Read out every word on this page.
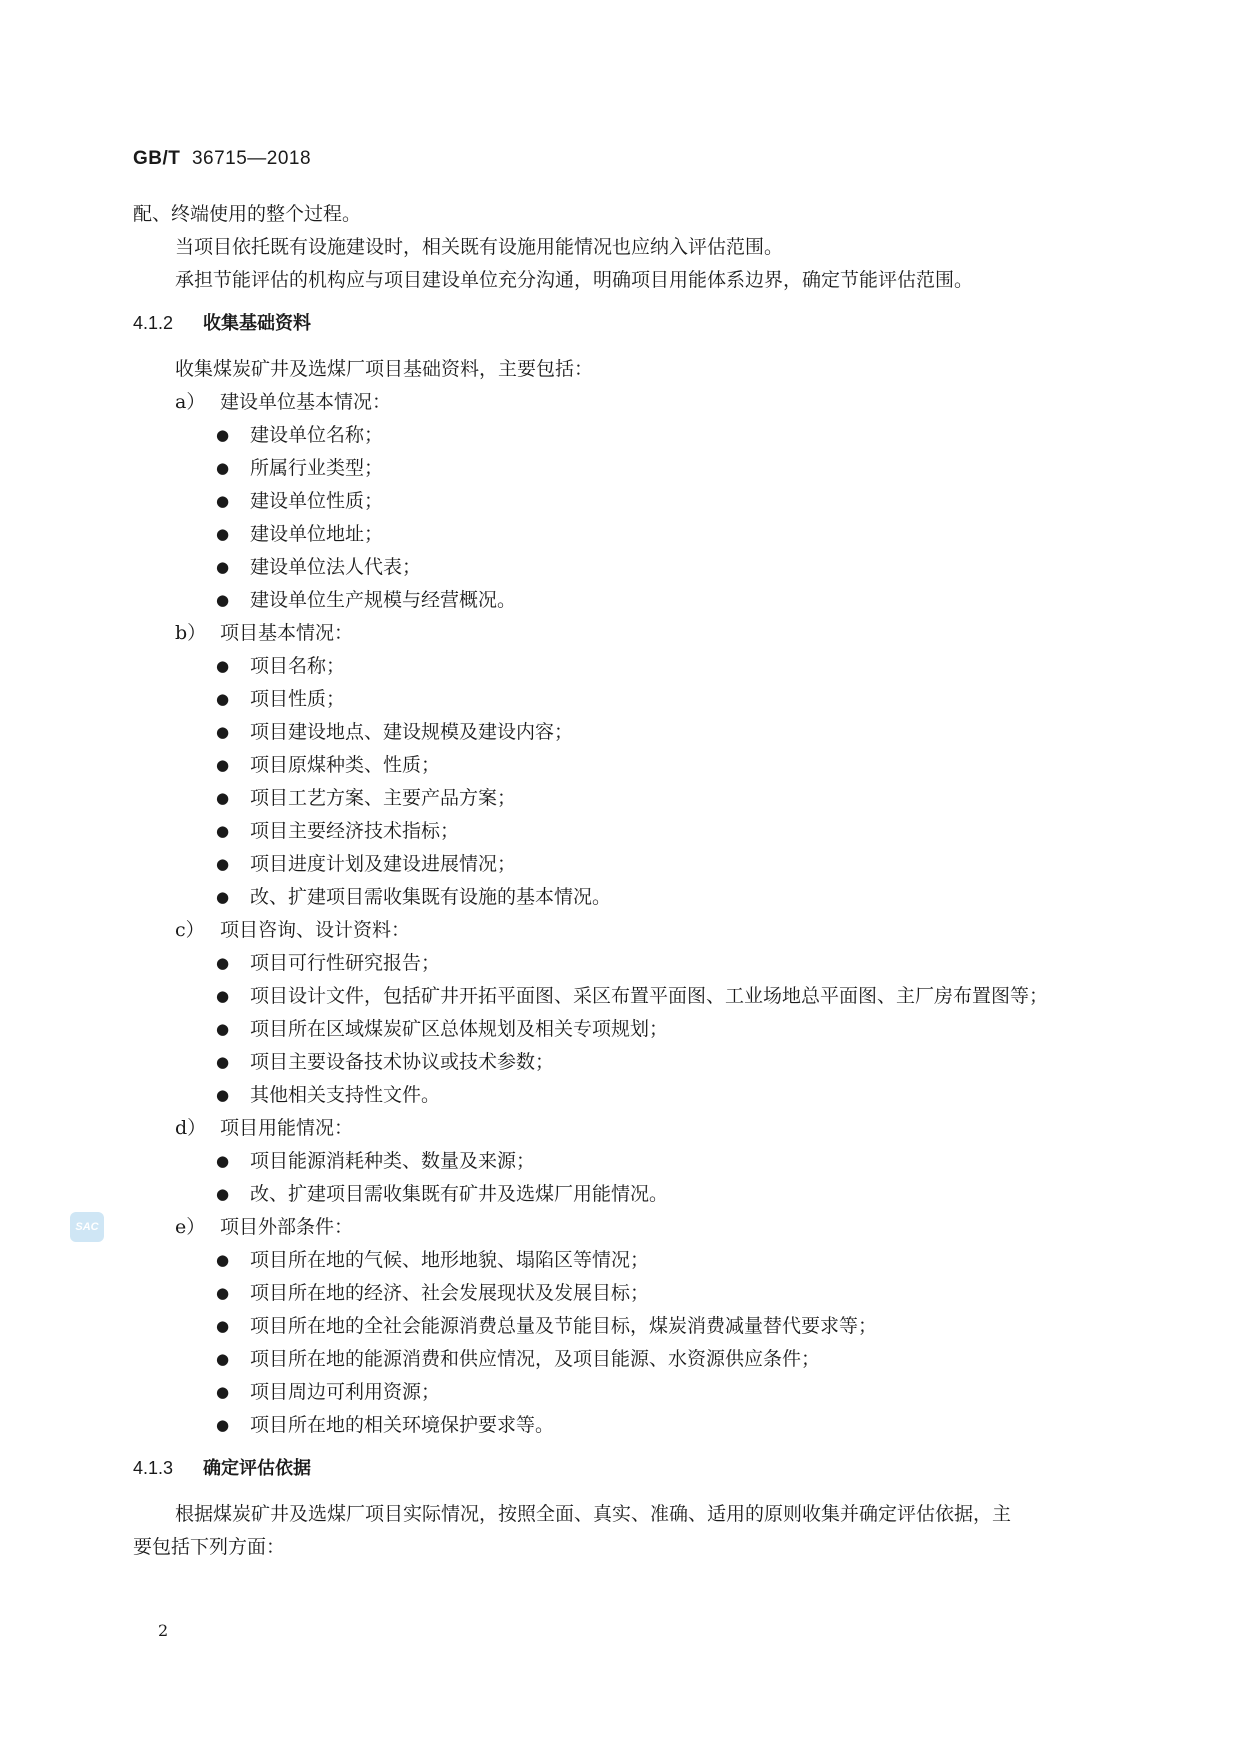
GB/T 36715—2018
配、终端使用的整个过程。
当项目依托既有设施建设时，相关既有设施用能情况也应纳入评估范围。
承担节能评估的机构应与项目建设单位充分沟通，明确项目用能体系边界，确定节能评估范围。
4.1.2 收集基础资料
收集煤炭矿井及选煤厂项目基础资料，主要包括：
a） 建设单位基本情况：
●	建设单位名称；
●	所属行业类型；
●	建设单位性质；
●	建设单位地址；
●	建设单位法人代表；
●	建设单位生产规模与经营概况。
b） 项目基本情况：
●	项目名称；
●	项目性质；
●	项目建设地点、建设规模及建设内容；
●	项目原煤种类、性质；
●	项目工艺方案、主要产品方案；
●	项目主要经济技术指标；
●	项目进度计划及建设进展情况；
●	改、扩建项目需收集既有设施的基本情况。
c） 项目咨询、设计资料：
●	项目可行性研究报告；
●	项目设计文件，包括矿井开拓平面图、采区布置平面图、工业场地总平面图、主厂房布置图等；
●	项目所在区域煤炭矿区总体规划及相关专项规划；
●	项目主要设备技术协议或技术参数；
●	其他相关支持性文件。
d） 项目用能情况：
●	项目能源消耗种类、数量及来源；
●	改、扩建项目需收集既有矿井及选煤厂用能情况。
e） 项目外部条件：
●	项目所在地的气候、地形地貌、塌陷区等情况；
●	项目所在地的经济、社会发展现状及发展目标；
●	项目所在地的全社会能源消费总量及节能目标，煤炭消费减量替代要求等；
●	项目所在地的能源消费和供应情况，及项目能源、水资源供应条件；
●	项目周边可利用资源；
●	项目所在地的相关环境保护要求等。
4.1.3 确定评估依据
根据煤炭矿井及选煤厂项目实际情况，按照全面、真实、准确、适用的原则收集并确定评估依据，主
要包括下列方面：
SAC
2
